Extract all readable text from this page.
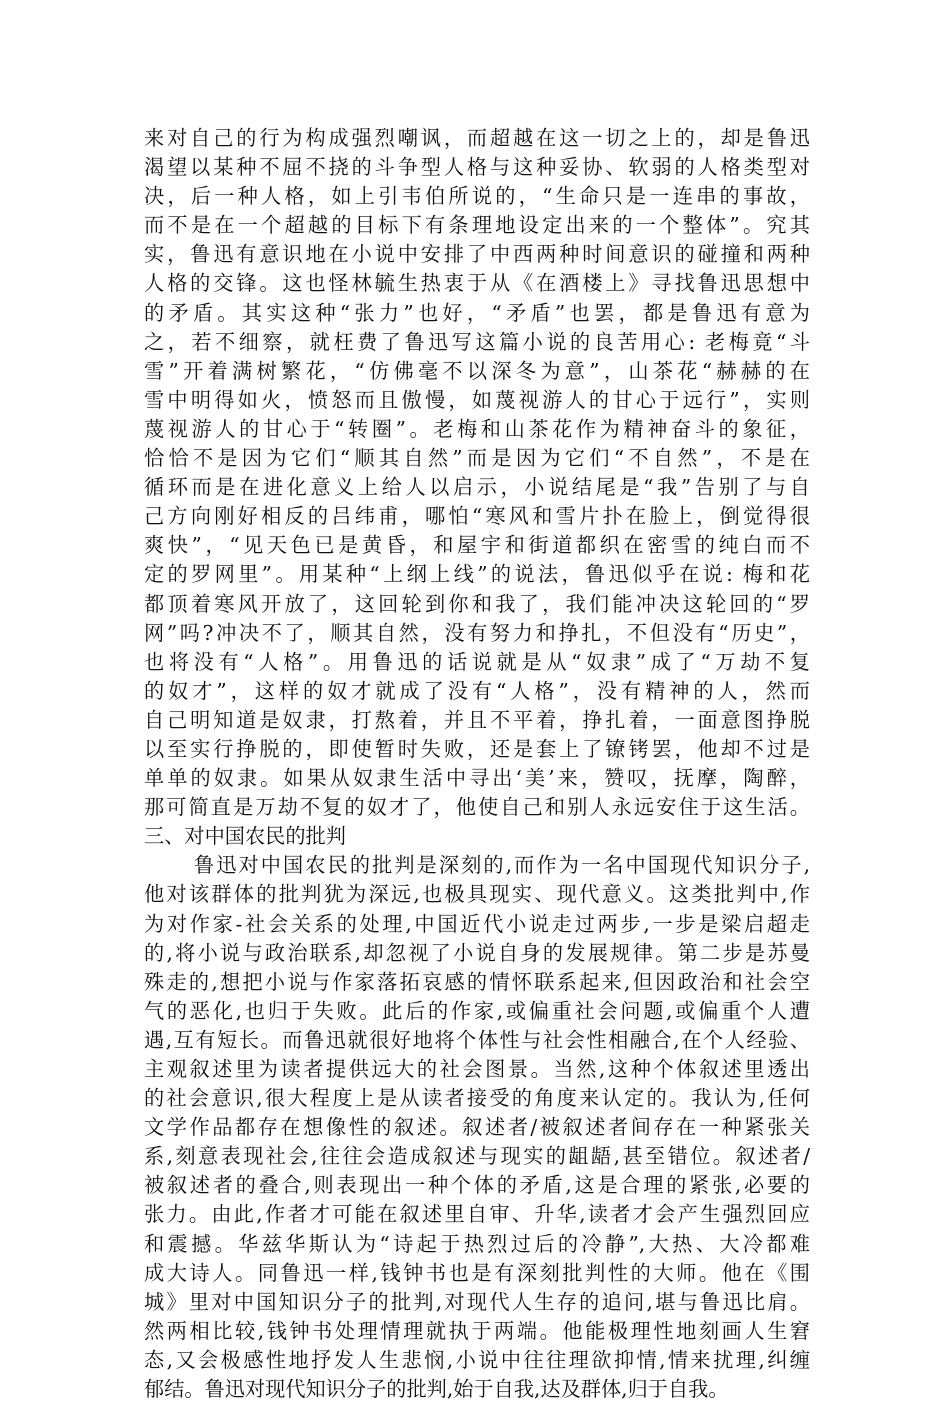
来对自己的行为构成强烈嘲讽，而超越在这一切之上的，却是鲁迅
渴望以某种不屈不挠的斗争型人格与这种妥协、软弱的人格类型对
决，后一种人格，如上引韦伯所说的，“生命只是一连串的事故，
而不是在一个超越的目标下有条理地设定出来的一个整体”。究其
实，鲁迅有意识地在小说中安排了中西两种时间意识的碰撞和两种
人格的交锋。这也怪林毓生热衷于从《在酒楼上》寻找鲁迅思想中
的矛盾。其实这种“张力”也好，“矛盾”也罢，都是鲁迅有意为
之，若不细察，就枉费了鲁迅写这篇小说的良苦用心: 老梅竟“斗
雪”开着满树繁花，“仿佛毫不以深冬为意”，山茶花“赫赫的在
雪中明得如火，愤怒而且傲慢，如蔑视游人的甘心于远行”，实则
蔑视游人的甘心于“转圈”。老梅和山茶花作为精神奋斗的象征，
恰恰不是因为它们“顺其自然”而是因为它们“不自然”，不是在
循环而是在进化意义上给人以启示，小说结尾是“我”告别了与自
己方向刚好相反的吕纬甫，哪怕“寒风和雪片扑在脸上，倒觉得很
爽快”，“见天色已是黄昏，和屋宇和街道都织在密雪的纯白而不
定的罗网里”。用某种“上纲上线”的说法，鲁迅似乎在说: 梅和花
都顶着寒风开放了，这回轮到你和我了，我们能冲决这轮回的“罗
网”吗?冲决不了，顺其自然，没有努力和挣扎，不但没有“历史”，
也将没有“人格”。用鲁迅的话说就是从“奴隶”成了“万劫不复
的奴才”，这样的奴才就成了没有“人格”，没有精神的人，然而
自己明知道是奴隶，打熬着，并且不平着，挣扎着，一面意图挣脱
以至实行挣脱的，即使暂时失败，还是套上了镣铐罢，他却不过是
单单的奴隶。如果从奴隶生活中寻出‘美’来，赞叹，抚摩，陶醉，
那可简直是万劫不复的奴才了，他使自己和别人永远安住于这生活。
三、对中国农民的批判
鲁迅对中国农民的批判是深刻的,而作为一名中国现代知识分子,
他对该群体的批判犹为深远,也极具现实、现代意义。这类批判中,作
为对作家-社会关系的处理,中国近代小说走过两步,一步是梁启超走
的,将小说与政治联系,却忽视了小说自身的发展规律。第二步是苏曼
殊走的,想把小说与作家落拓哀感的情怀联系起来,但因政治和社会空
气的恶化,也归于失败。此后的作家,或偏重社会问题,或偏重个人遭
遇,互有短长。而鲁迅就很好地将个体性与社会性相融合,在个人经验、
主观叙述里为读者提供远大的社会图景。当然,这种个体叙述里透出
的社会意识,很大程度上是从读者接受的角度来认定的。我认为,任何
文学作品都存在想像性的叙述。叙述者/被叙述者间存在一种紧张关
系,刻意表现社会,往往会造成叙述与现实的龃龉,甚至错位。叙述者/
被叙述者的叠合,则表现出一种个体的矛盾,这是合理的紧张,必要的
张力。由此,作者才可能在叙述里自审、升华,读者才会产生强烈回应
和震撼。华兹华斯认为“诗起于热烈过后的冷静”,大热、大冷都难
成大诗人。同鲁迅一样,钱钟书也是有深刻批判性的大师。他在《围
城》里对中国知识分子的批判,对现代人生存的追问,堪与鲁迅比肩。
然两相比较,钱钟书处理情理就执于两端。他能极理性地刻画人生窘
态,又会极感性地抒发人生悲悯,小说中往往理欲抑情,情来扰理,纠缠
郁结。鲁迅对现代知识分子的批判,始于自我,达及群体,归于自我。
